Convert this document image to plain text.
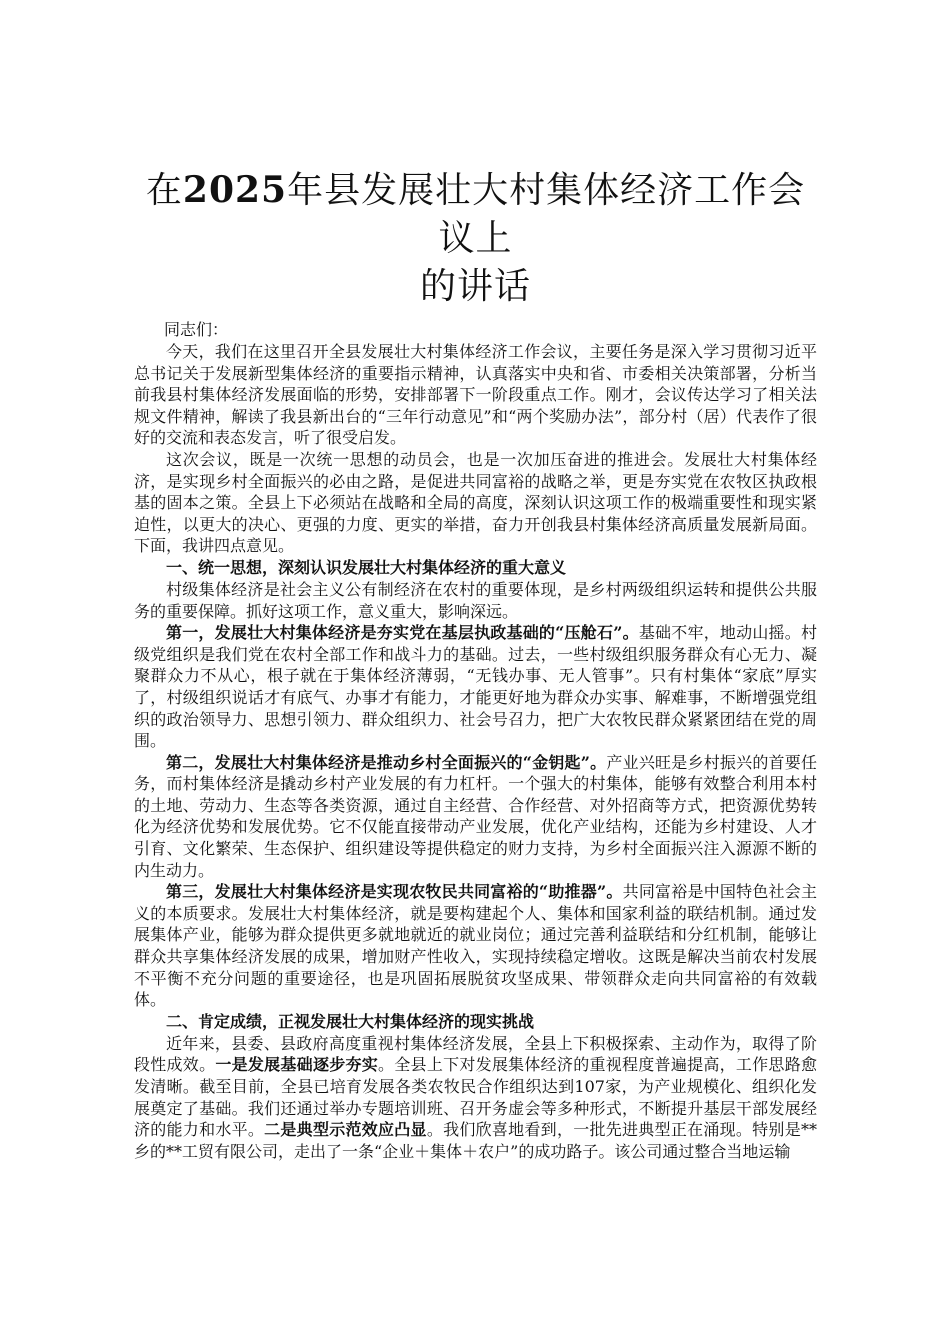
在2025年县发展壮大村集体经济工作会议上
的讲话

同志们：

今天，我们在这里召开全县发展壮大村集体经济工作会议，主要任务是深入学习贯彻习近平总书记关于发展新型集体经济的重要指示精神，认真落实中央和省、市委相关决策部署，分析当前我县村集体经济发展面临的形势，安排部署下一阶段重点工作。刚才，会议传达学习了相关法规文件精神，解读了我县新出台的“三年行动意见”和“两个奖励办法”，部分村（居）代表作了很好的交流和表态发言，听了很受启发。

这次会议，既是一次统一思想的动员会，也是一次加压奋进的推进会。发展壮大村集体经济，是实现乡村全面振兴的必由之路，是促进共同富裕的战略之举，更是夯实党在农牧区执政根基的固本之策。全县上下必须站在战略和全局的高度，深刻认识这项工作的极端重要性和现实紧迫性，以更大的决心、更强的力度、更实的举措，奋力开创我县村集体经济高质量发展新局面。下面，我讲四点意见。

一、统一思想，深刻认识发展壮大村集体经济的重大意义

村级集体经济是社会主义公有制经济在农村的重要体现，是乡村两级组织运转和提供公共服务的重要保障。抓好这项工作，意义重大，影响深远。

第一，发展壮大村集体经济是夯实党在基层执政基础的“压舱石”。基础不牢，地动山摇。村级党组织是我们党在农村全部工作和战斗力的基础。过去，一些村级组织服务群众有心无力、凝聚群众力不从心，根子就在于集体经济薄弱，“无钱办事、无人管事”。只有村集体“家底”厚实了，村级组织说话才有底气、办事才有能力，才能更好地为群众办实事、解难事，不断增强党组织的政治领导力、思想引领力、群众组织力、社会号召力，把广大农牧民群众紧紧团结在党的周围。

第二，发展壮大村集体经济是推动乡村全面振兴的“金钥匙”。产业兴旺是乡村振兴的首要任务，而村集体经济是撬动乡村产业发展的有力杠杆。一个强大的村集体，能够有效整合利用本村的土地、劳动力、生态等各类资源，通过自主经营、合作经营、对外招商等方式，把资源优势转化为经济优势和发展优势。它不仅能直接带动产业发展，优化产业结构，还能为乡村建设、人才引育、文化繁荣、生态保护、组织建设等提供稳定的财力支持，为乡村全面振兴注入源源不断的内生动力。

第三，发展壮大村集体经济是实现农牧民共同富裕的“助推器”。共同富裕是中国特色社会主义的本质要求。发展壮大村集体经济，就是要构建起个人、集体和国家利益的联结机制。通过发展集体产业，能够为群众提供更多就地就近的就业岗位；通过完善利益联结和分红机制，能够让群众共享集体经济发展的成果，增加财产性收入，实现持续稳定增收。这既是解决当前农村发展不平衡不充分问题的重要途径，也是巩固拓展脱贫攻坚成果、带领群众走向共同富裕的有效载体。

二、肯定成绩，正视发展壮大村集体经济的现实挑战

近年来，县委、县政府高度重视村集体经济发展，全县上下积极探索、主动作为，取得了阶段性成效。一是发展基础逐步夯实。全县上下对发展集体经济的重视程度普遍提高，工作思路愈发清晰。截至目前，全县已培育发展各类农牧民合作组织达到107家，为产业规模化、组织化发展奠定了基础。我们还通过举办专题培训班、召开务虚会等多种形式，不断提升基层干部发展经济的能力和水平。二是典型示范效应凸显。我们欣喜地看到，一批先进典型正在涌现。特别是**乡的**工贸有限公司，走出了一条“企业＋集体＋农户”的成功路子。该公司通过整合当地运输
